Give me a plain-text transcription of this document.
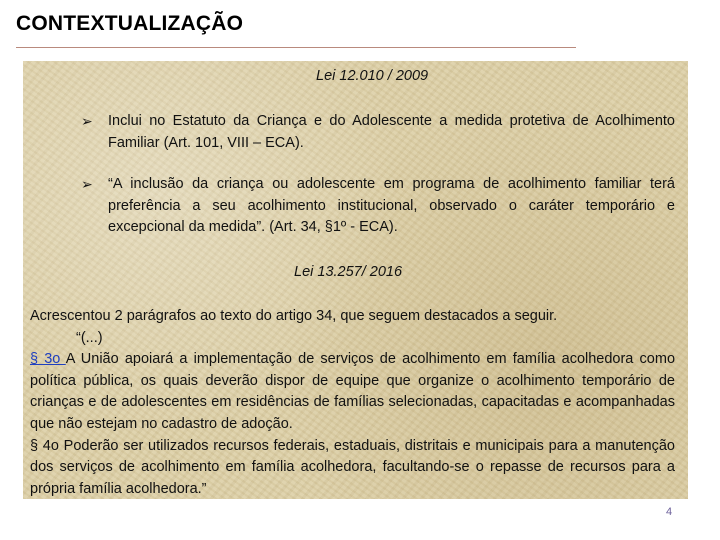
CONTEXTUALIZAÇÃO
Lei 12.010 / 2009
➢ Inclui no Estatuto da Criança e do Adolescente a medida protetiva de Acolhimento Familiar (Art. 101, VIII – ECA).
➢ “A inclusão da criança ou adolescente em programa de acolhimento familiar terá preferência a seu acolhimento institucional, observado o caráter temporário e excepcional da medida”. (Art. 34, §1º - ECA).
Lei 13.257/ 2016

Acrescentou 2 parágrafos ao texto do artigo 34, que seguem destacados a seguir.

“(...)

§ 3o A União apoiará a implementação de serviços de acolhimento em família acolhedora como política pública, os quais deverão dispor de equipe que organize o acolhimento temporário de crianças e de adolescentes em residências de famílias selecionadas, capacitadas e acompanhadas que não estejam no cadastro de adoção.

§ 4o Poderão ser utilizados recursos federais, estaduais, distritais e municipais para a manutenção dos serviços de acolhimento em família acolhedora, facultando-se o repasse de recursos para a própria família acolhedora.”

4
